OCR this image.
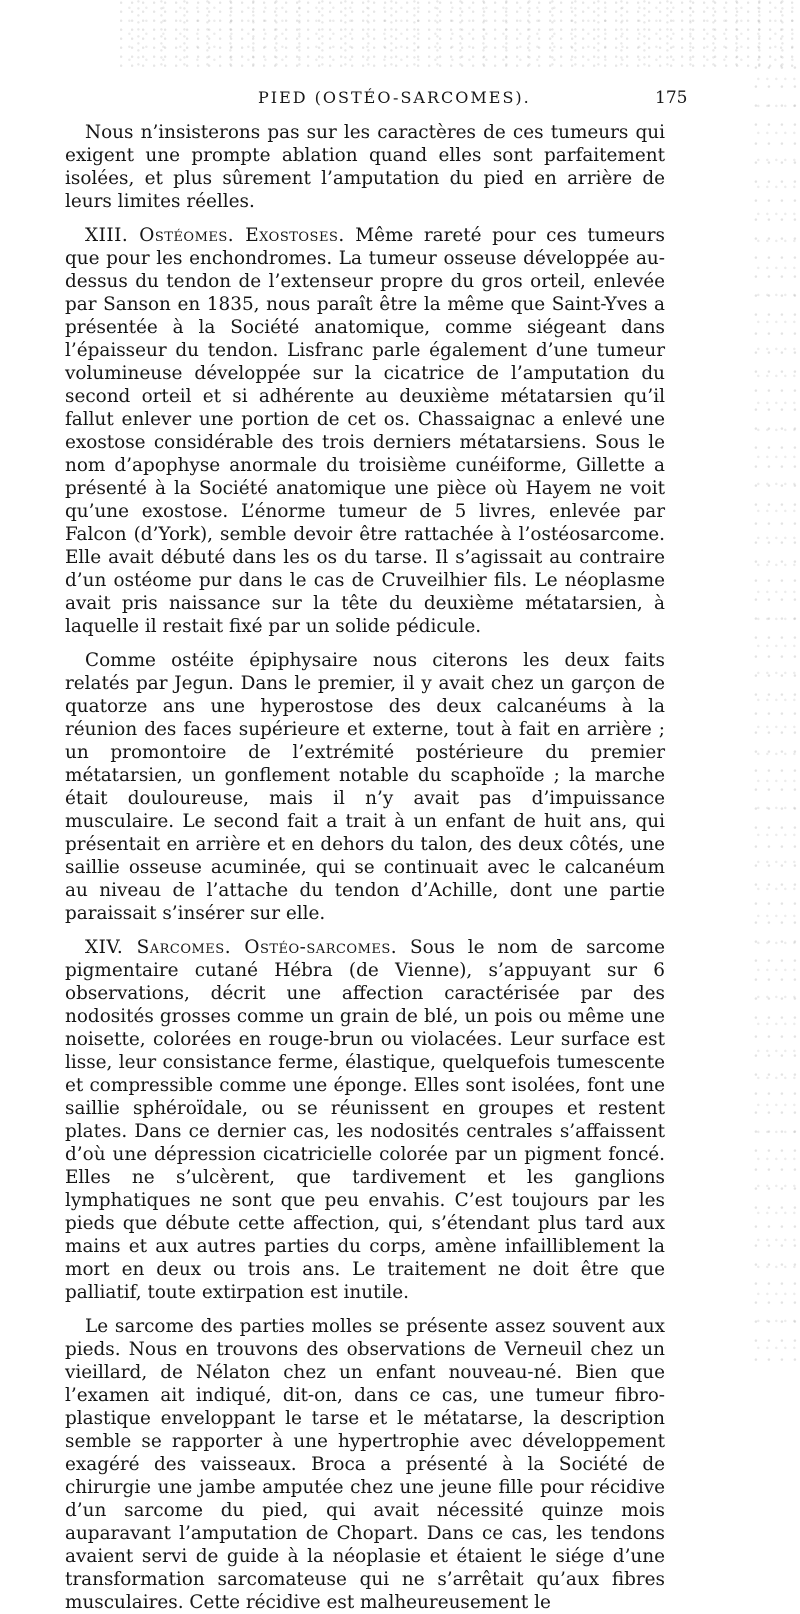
PIED (OSTÉO-SARCOMES).	175

Nous n’insisterons pas sur les caractères de ces tumeurs qui exigent une prompte ablation quand elles sont parfaitement isolées, et plus sûrement l’amputation du pied en arrière de leurs limites réelles.

XIII. Ostéomes. Exostoses. Même rareté pour ces tumeurs que pour les enchondromes. La tumeur osseuse développée au-dessus du tendon de l’extenseur propre du gros orteil, enlevée par Sanson en 1835, nous paraît être la même que Saint-Yves a présentée à la Société anatomique, comme siégeant dans l’épaisseur du tendon. Lisfranc parle également d’une tumeur volumineuse développée sur la cicatrice de l’amputation du second orteil et si adhérente au deuxième métatarsien qu’il fallut enlever une portion de cet os. Chassaignac a enlevé une exostose considérable des trois derniers métatarsiens. Sous le nom d’apophyse anormale du troisième cunéiforme, Gillette a présenté à la Société anatomique une pièce où Hayem ne voit qu’une exostose. L’énorme tumeur de 5 livres, enlevée par Falcon (d’York), semble devoir être rattachée à l’ostéosarcome. Elle avait débuté dans les os du tarse. Il s’agissait au contraire d’un ostéome pur dans le cas de Cruveilhier fils. Le néoplasme avait pris naissance sur la tête du deuxième métatarsien, à laquelle il restait fixé par un solide pédicule.

Comme ostéite épiphysaire nous citerons les deux faits relatés par Jegun. Dans le premier, il y avait chez un garçon de quatorze ans une hyperostose des deux calcanéums à la réunion des faces supérieure et externe, tout à fait en arrière ; un promontoire de l’extrémité postérieure du premier métatarsien, un gonflement notable du scaphoïde ; la marche était douloureuse, mais il n’y avait pas d’impuissance musculaire. Le second fait a trait à un enfant de huit ans, qui présentait en arrière et en dehors du talon, des deux côtés, une saillie osseuse acuminée, qui se continuait avec le calcanéum au niveau de l’attache du tendon d’Achille, dont une partie paraissait s’insérer sur elle.

XIV. Sarcomes. Ostéo-sarcomes. Sous le nom de sarcome pigmentaire cutané Hébra (de Vienne), s’appuyant sur 6 observations, décrit une affection caractérisée par des nodosités grosses comme un grain de blé, un pois ou même une noisette, colorées en rouge-brun ou violacées. Leur surface est lisse, leur consistance ferme, élastique, quelquefois tumescente et compressible comme une éponge. Elles sont isolées, font une saillie sphéroïdale, ou se réunissent en groupes et restent plates. Dans ce dernier cas, les nodosités centrales s’affaissent d’où une dépression cicatricielle colorée par un pigment foncé. Elles ne s’ulcèrent, que tardivement et les ganglions lymphatiques ne sont que peu envahis. C’est toujours par les pieds que débute cette affection, qui, s’étendant plus tard aux mains et aux autres parties du corps, amène infailliblement la mort en deux ou trois ans. Le traitement ne doit être que palliatif, toute extirpation est inutile.

Le sarcome des parties molles se présente assez souvent aux pieds. Nous en trouvons des observations de Verneuil chez un vieillard, de Nélaton chez un enfant nouveau-né. Bien que l’examen ait indiqué, dit-on, dans ce cas, une tumeur fibro-plastique enveloppant le tarse et le métatarse, la description semble se rapporter à une hypertrophie avec développement exagéré des vaisseaux. Broca a présenté à la Société de chirurgie une jambe amputée chez une jeune fille pour récidive d’un sarcome du pied, qui avait nécessité quinze mois auparavant l’amputation de Chopart. Dans ce cas, les tendons avaient servi de guide à la néoplasie et étaient le siége d’une transformation sarcomateuse qui ne s’arrêtait qu’aux fibres musculaires. Cette récidive est malheureusement le
